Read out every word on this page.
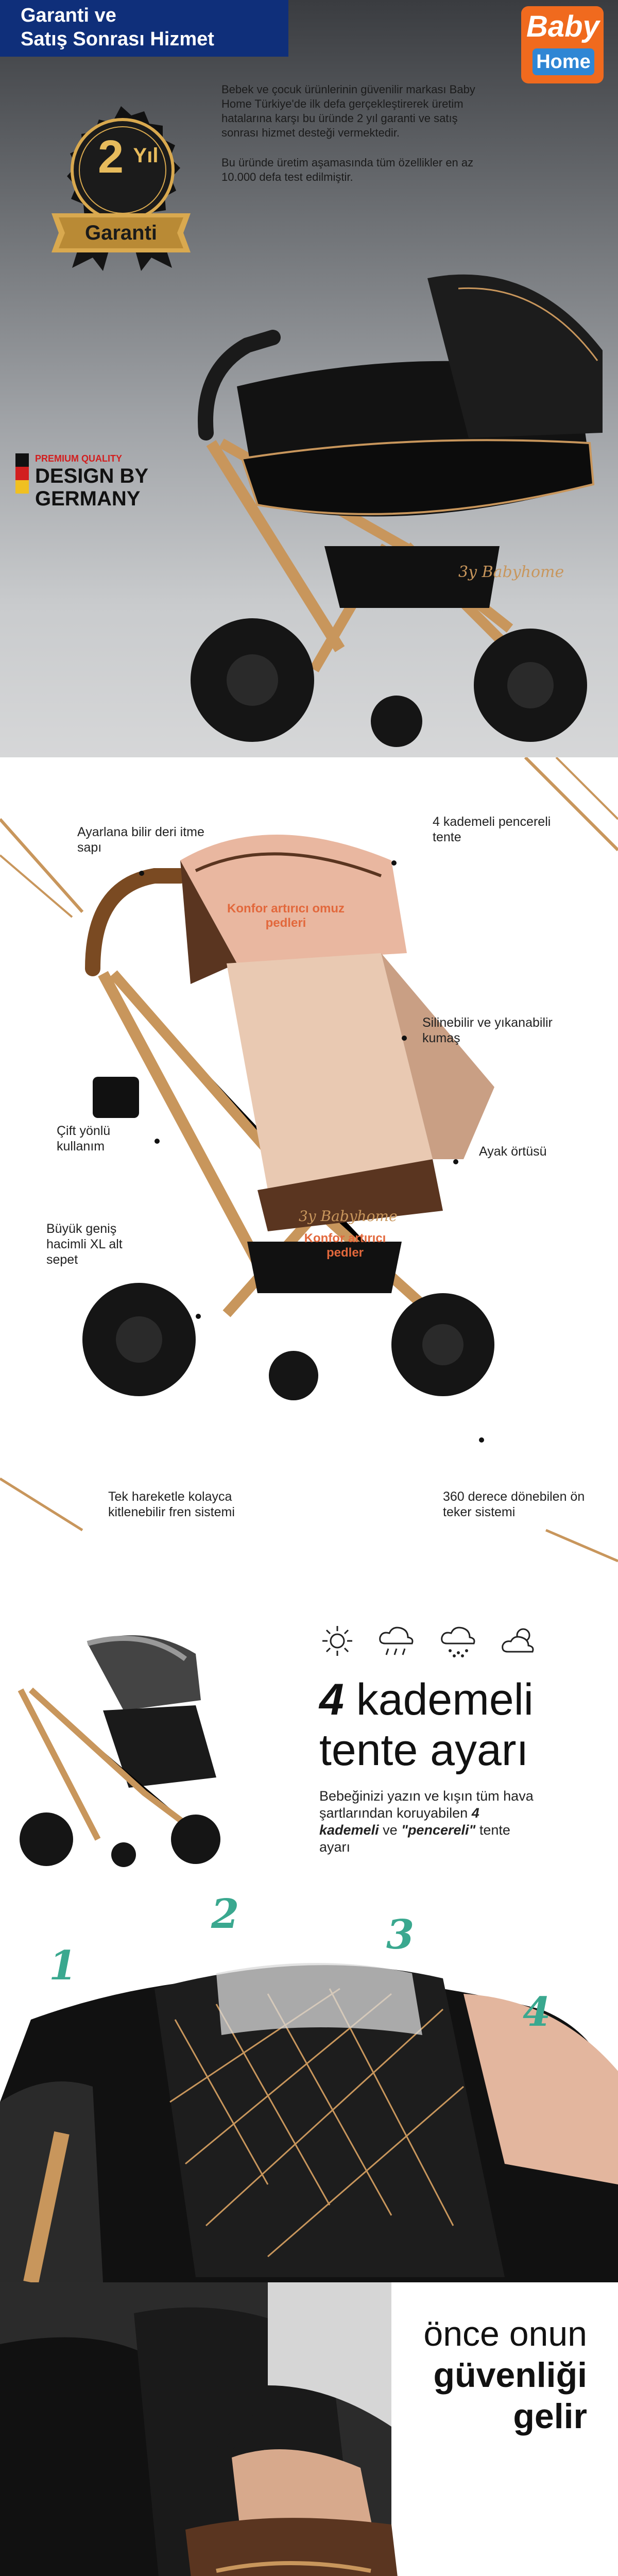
Garanti ve
Satış Sonrası Hizmet	Baby
Home
2 Yıl
Garanti

Bebek ve çocuk ürünlerinin güvenilir markası Baby Home Türkiye'de ilk defa gerçekleştirerek üretim hatalarına karşı bu üründe 2 yıl garanti ve satış sonrası hizmet desteği vermektedir.

Bu üründe üretim aşamasında tüm özellikler en az 10.000 defa test edilmiştir.

3y Babyhome
PREMIUM QUALITY
DESIGN BY
GERMANY
3y Babyhome
Konfor artırıcı omuz pedleri
Konfor artırıcı pedler
Ayarlana bilir deri itme sapı
4 kademeli pencereli tente
Silinebilir ve yıkanabilir kumaş
Çift yönlü kullanım	Ayak örtüsü
Büyük geniş hacimli XL alt sepet
Tek hareketle kolayca kitlenebilir fren sistemi
360 derece dönebilen ön teker sistemi
4 kademeli
tente ayarı
Bebeğinizi yazın ve kışın tüm hava şartlarından koruyabilen 4 kademeli ve "pencereli" tente ayarı
1
2	3
4
önce onun
güvenliği
gelir
